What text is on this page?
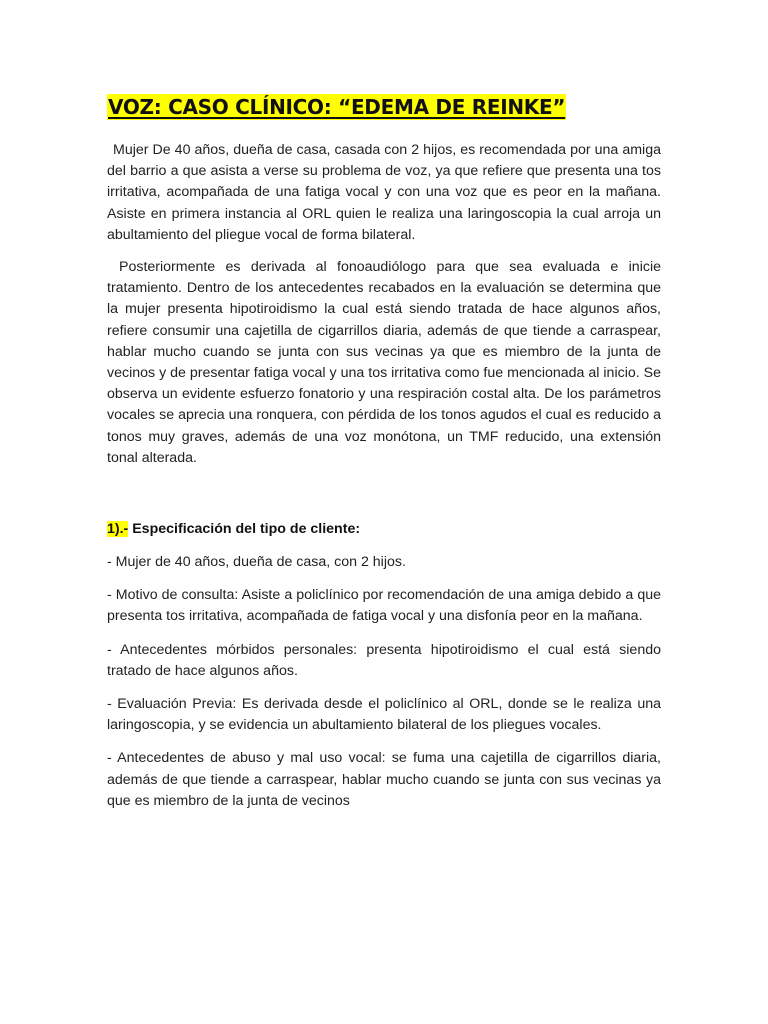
VOZ: CASO CLÍNICO: “EDEMA DE REINKE”

Mujer De 40 años, dueña de casa, casada con 2 hijos, es recomendada por una amiga del barrio a que asista a verse su problema de voz, ya que refiere que presenta una tos irritativa, acompañada de una fatiga vocal y con una voz que es peor en la mañana. Asiste en primera instancia al ORL quien le realiza una laringoscopia la cual arroja un abultamiento del pliegue vocal de forma bilateral.

Posteriormente es derivada al fonoaudiólogo para que sea evaluada e inicie tratamiento. Dentro de los antecedentes recabados en la evaluación se determina que la mujer presenta hipotiroidismo la cual está siendo tratada de hace algunos años, refiere consumir una cajetilla de cigarrillos diaria, además de que tiende a carraspear, hablar mucho cuando se junta con sus vecinas ya que es miembro de la junta de vecinos y de presentar fatiga vocal y una tos irritativa como fue mencionada al inicio. Se observa un evidente esfuerzo fonatorio y una respiración costal alta. De los parámetros vocales se aprecia una ronquera, con pérdida de los tonos agudos el cual es reducido a tonos muy graves, además de una voz monótona, un TMF reducido, una extensión tonal alterada.

1).- Especificación del tipo de cliente:

- Mujer de 40 años, dueña de casa, con 2 hijos.

- Motivo de consulta: Asiste a policlínico por recomendación de una amiga debido a que presenta tos irritativa, acompañada de fatiga vocal y una disfonía peor en la mañana.

- Antecedentes mórbidos personales: presenta hipotiroidismo el cual está siendo tratado de hace algunos años.

- Evaluación Previa: Es derivada desde el policlínico al ORL, donde se le realiza una laringoscopia, y se evidencia un abultamiento bilateral de los pliegues vocales.

- Antecedentes de abuso y mal uso vocal: se fuma una cajetilla de cigarrillos diaria, además de que tiende a carraspear, hablar mucho cuando se junta con sus vecinas ya que es miembro de la junta de vecinos
